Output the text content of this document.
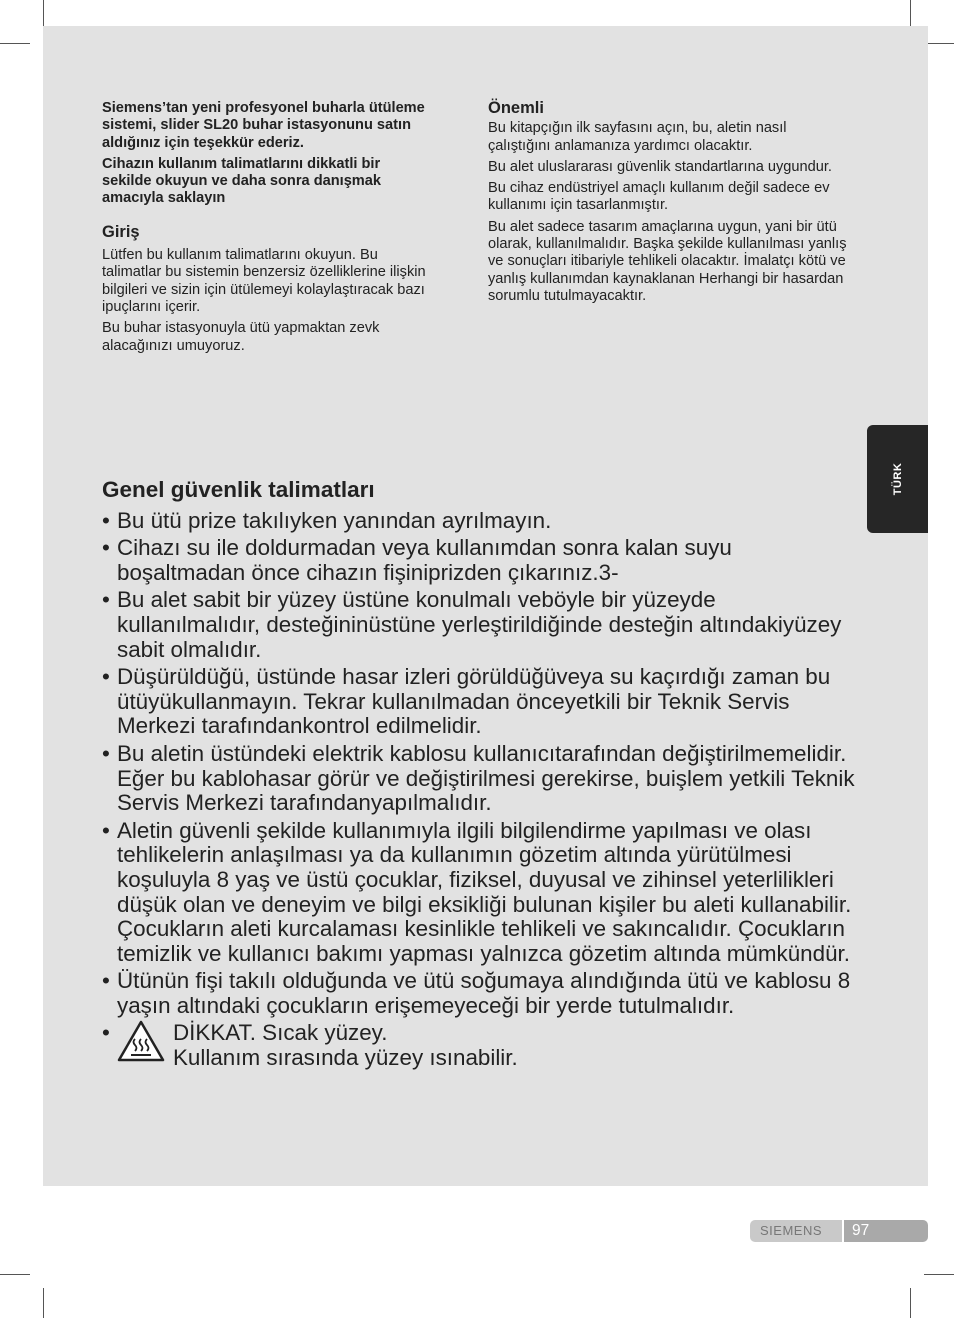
Siemens’tan yeni profesyonel buharla ütüleme sistemi, slider SL20 buhar istasyonunu satın aldığınız için teşekkür ederiz.

Cihazın kullanım talimatlarını dikkatli bir sekilde okuyun ve daha sonra danışmak amacıyla saklayın

Giriş

Lütfen bu kullanım talimatlarını okuyun. Bu talimatlar bu sistemin benzersiz özelliklerine ilişkin bilgileri ve sizin için ütülemeyi kolaylaştıracak bazı ipuçlarını içerir.

Bu buhar istasyonuyla ütü yapmaktan zevk alacağınızı umuyoruz.

Önemli

Bu kitapçığın ilk sayfasını açın, bu, aletin nasıl çalıştığını anlamanıza yardımcı olacaktır.

Bu alet uluslararası güvenlik standartlarına uygundur.

Bu cihaz endüstriyel amaçlı kullanım değil sadece ev kullanımı için tasarlanmıştır.

Bu alet sadece tasarım amaçlarına uygun, yani bir ütü olarak, kullanılmalıdır. Başka şekilde kullanılması yanlış ve sonuçları itibariyle tehlikeli olacaktır. İmalatçı kötü ve yanlış kullanımdan kaynaklanan Herhangi bir hasardan sorumlu tutulmayacaktır.

TÜRK
Genel güvenlik talimatları
• Bu ütü prize takılıyken yanından ayrılmayın.
• Cihazı su ile doldurmadan veya kullanımdan sonra kalan suyu boşaltmadan önce cihazın fişiniprizden çıkarınız.3-
• Bu alet sabit bir yüzey üstüne konulmalı veböyle bir yüzeyde kullanılmalıdır, desteğininüstüne yerleştirildiğinde desteğin altındakiyüzey sabit olmalıdır.
• Düşürüldüğü, üstünde hasar izleri görüldüğüveya su kaçırdığı zaman bu ütüyükullanmayın. Tekrar kullanılmadan önceyetkili bir Teknik Servis Merkezi tarafındankontrol edilmelidir.
• Bu aletin üstündeki elektrik kablosu kullanıcıtarafından değiştirilmemelidir. Eğer bu kablohasar görür ve değiştirilmesi gerekirse, buişlem yetkili Teknik Servis Merkezi tarafındanyapılmalıdır.
• Aletin güvenli şekilde kullanımıyla ilgili bilgilendirme yapılması ve olası tehlikelerin anlaşılması ya da kullanımın gözetim altında yürütülmesi koşuluyla 8 yaş ve üstü çocuklar, fiziksel, duyusal ve zihinsel yeterlilikleri düşük olan ve deneyim ve bilgi eksikliği bulunan kişiler bu aleti kullanabilir. Çocukların aleti kurcalaması kesinlikle tehlikeli ve sakıncalıdır. Çocukların temizlik ve kullanıcı bakımı yapması yalnızca gözetim altında mümkündür.
• Ütünün fişi takılı olduğunda ve ütü soğumaya alındığında ütü ve kablosu 8 yaşın altındaki çocukların erişemeyeceği bir yerde tutulmalıdır.
•	DİKKAT. Sıcak yüzey.
Kullanım sırasında yüzey ısınabilir.
SIEMENS 97
